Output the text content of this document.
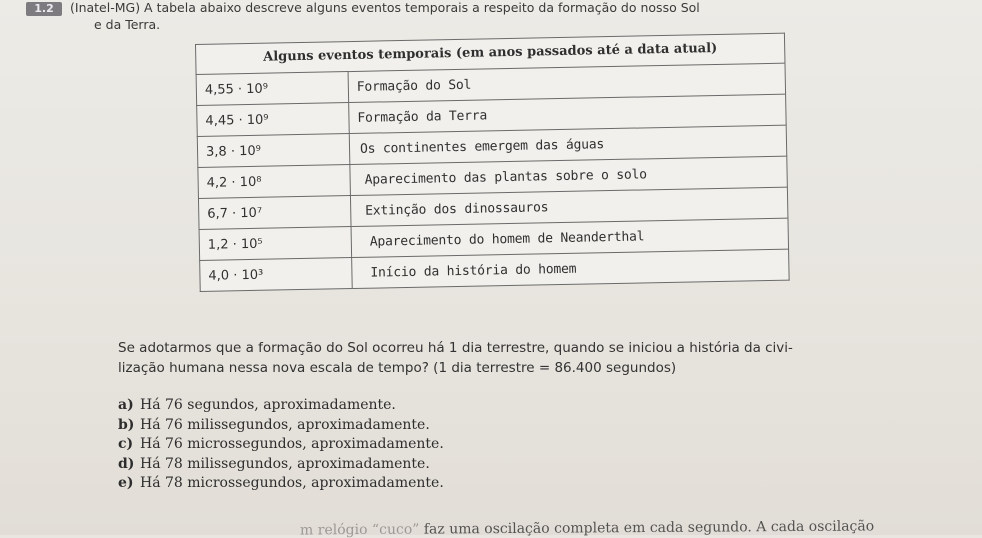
1.2	(Inatel-MG) A tabela abaixo descreve alguns eventos temporais a respeito da formação do nosso Sol
e da Terra.
Alguns eventos temporais (em anos passados até a data atual)	
4,55 · 10⁹	Formação do Sol
4,45 · 10⁹	Formação da Terra
3,8 · 10⁹	Os continentes emergem das águas
4,2 · 10⁸	Aparecimento das plantas sobre o solo
6,7 · 10⁷	Extinção dos dinossauros
1,2 · 10⁵	Aparecimento do homem de Neanderthal
4,0 · 10³	Início da história do homem
Se adotarmos que a formação do Sol ocorreu há 1 dia terrestre, quando se iniciou a história da civi-
lização humana nessa nova escala de tempo? (1 dia terrestre = 86.400 segundos)
a) Há 76 segundos, aproximadamente.
b) Há 76 milissegundos, aproximadamente.
c) Há 76 microssegundos, aproximadamente.
d) Há 78 milissegundos, aproximadamente.
e) Há 78 microssegundos, aproximadamente.
m relógio “cuco” faz uma oscilação completa em cada segundo. A cada oscilação
